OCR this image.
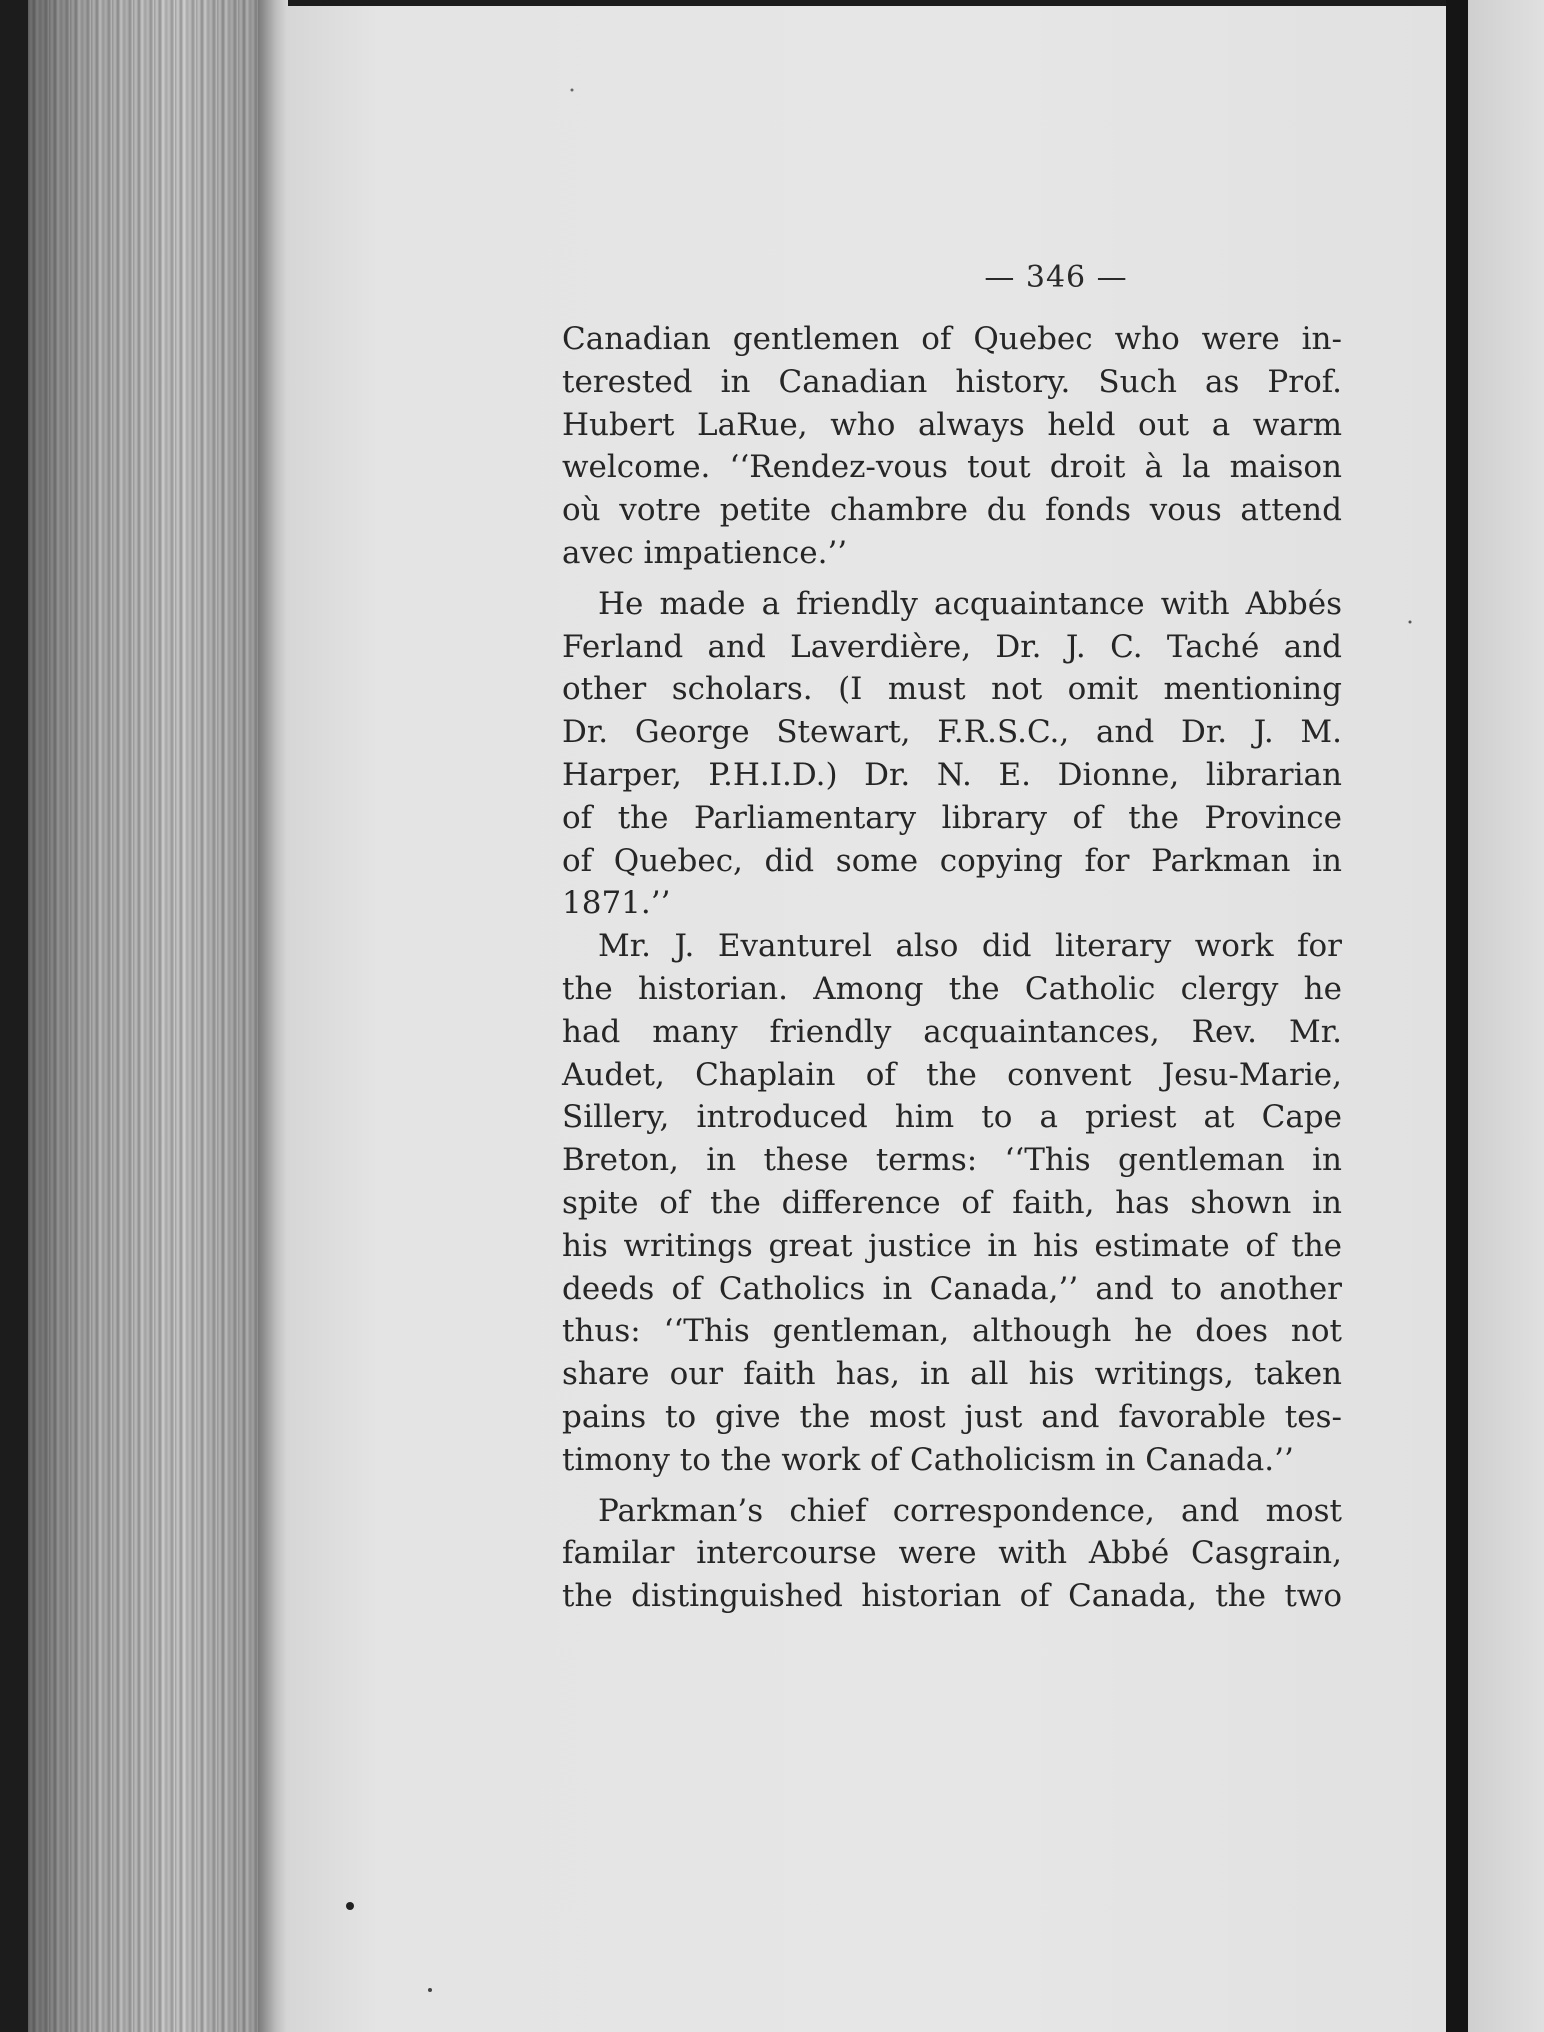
— 346 —
Canadian gentlemen of Quebec who were in-
terested in Canadian history. Such as Prof.
Hubert LaRue, who always held out a warm
welcome. ‘‘Rendez-vous tout droit à la maison
où votre petite chambre du fonds vous attend
avec impatience.’’
He made a friendly acquaintance with Abbés
Ferland and Laverdière, Dr. J. C. Taché and
other scholars. (I must not omit mentioning
Dr. George Stewart, F.R.S.C., and Dr. J. M.
Harper, P.H.I.D.) Dr. N. E. Dionne, librarian
of the Parliamentary library of the Province
of Quebec, did some copying for Parkman in
1871.’’
Mr. J. Evanturel also did literary work for
the historian. Among the Catholic clergy he
had many friendly acquaintances, Rev. Mr.
Audet, Chaplain of the convent Jesu-Marie,
Sillery, introduced him to a priest at Cape
Breton, in these terms: ‘‘This gentleman in
spite of the difference of faith, has shown in
his writings great justice in his estimate of the
deeds of Catholics in Canada,’’ and to another
thus: ‘‘This gentleman, although he does not
share our faith has, in all his writings, taken
pains to give the most just and favorable tes-
timony to the work of Catholicism in Canada.’’
Parkman’s chief correspondence, and most
familar intercourse were with Abbé Casgrain,
the distinguished historian of Canada, the two
